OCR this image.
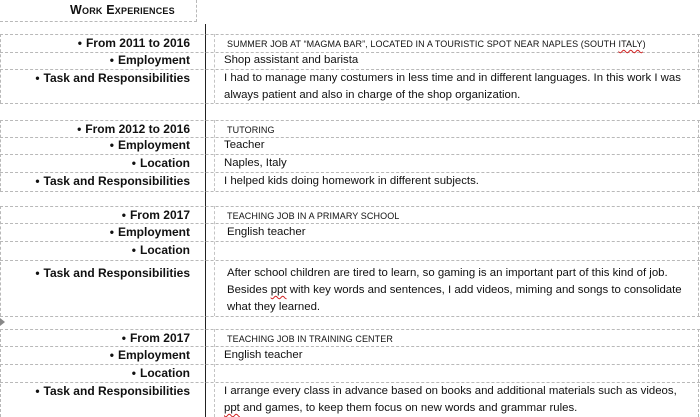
Work Experiences
• From 2011 to 2016	SUMMER JOB AT “MAGMA BAR”, LOCATED IN A TOURISTIC SPOT NEAR NAPLES (SOUTH ITALY)
• Employment	Shop assistant and barista
• Task and Responsibilities	I had to manage many costumers in less time and in different languages. In this work I was always patient and also in charge of the shop organization.
• From 2012 to 2016	TUTORING
• Employment	Teacher
• Location	Naples, Italy
• Task and Responsibilities	I helped kids doing homework in different subjects.
• From 2017	TEACHING JOB IN A PRIMARY SCHOOL
• Employment	English teacher
• Location
• Task and Responsibilities	After school children are tired to learn, so gaming is an important part of this kind of job. Besides ppt with key words and sentences, I add videos, miming and songs to consolidate what they learned.
• From 2017	TEACHING JOB IN TRAINING CENTER
• Employment	English teacher
• Location
• Task and Responsibilities	I arrange every class in advance based on books and additional materials such as videos, ppt and games, to keep them focus on new words and grammar rules.
